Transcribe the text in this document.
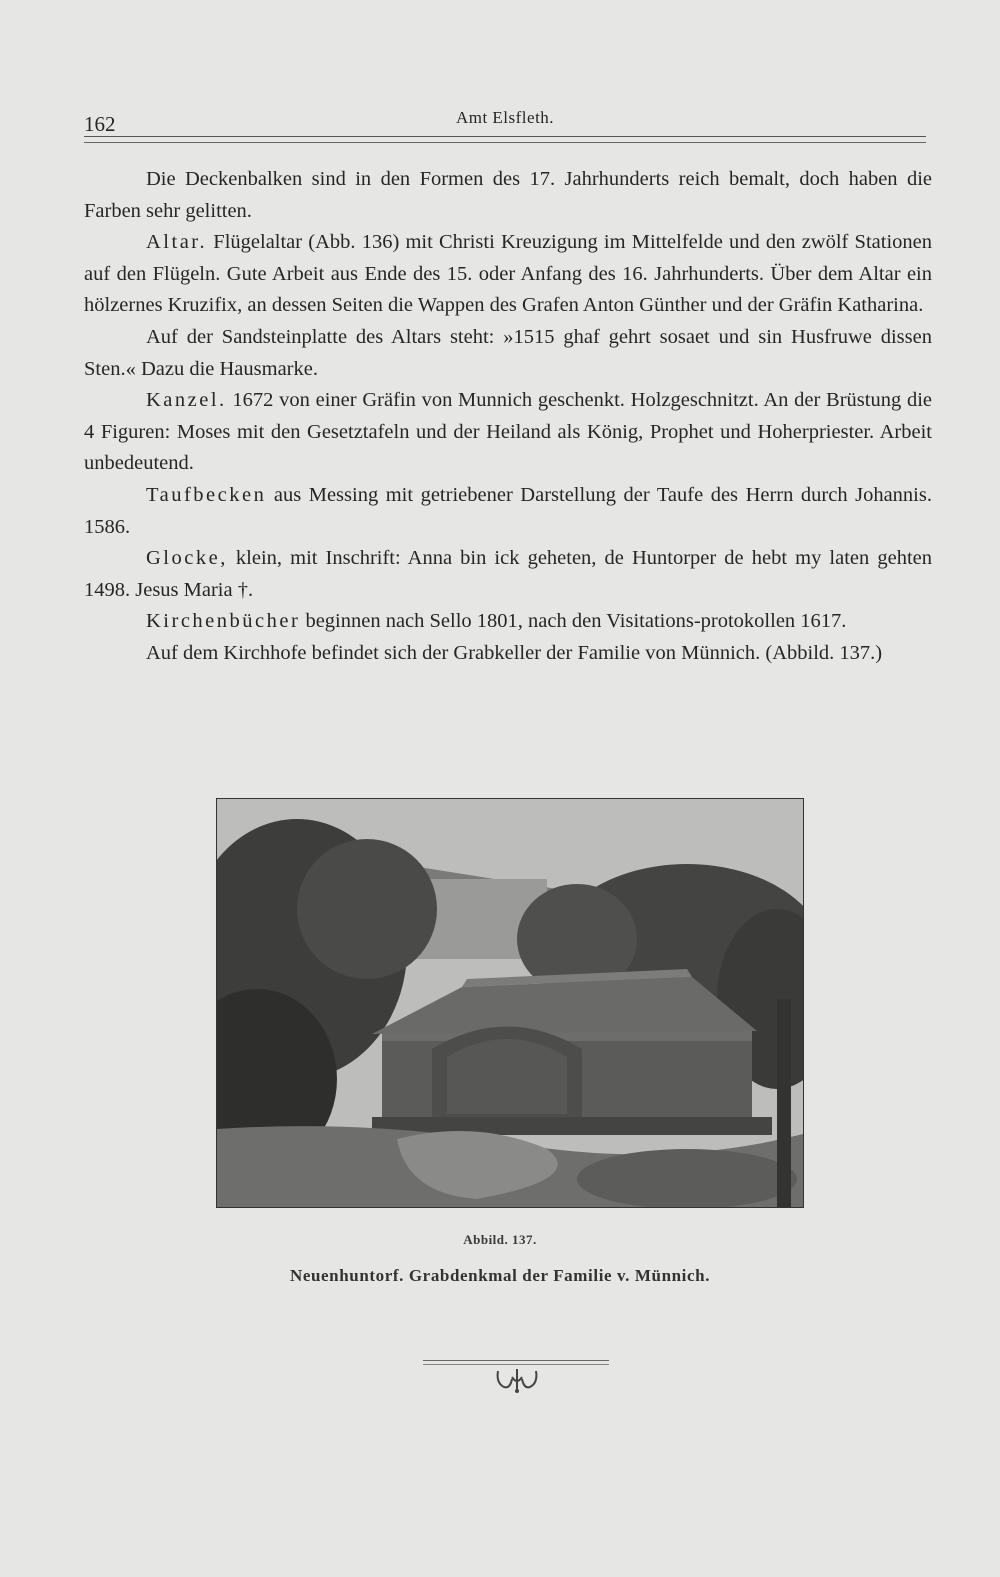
162	Amt Elsfleth.

Die Deckenbalken sind in den Formen des 17. Jahrhunderts reich bemalt, doch haben die Farben sehr gelitten.

Altar. Flügelaltar (Abb. 136) mit Christi Kreuzigung im Mittelfelde und den zwölf Stationen auf den Flügeln. Gute Arbeit aus Ende des 15. oder Anfang des 16. Jahrhunderts. Über dem Altar ein hölzernes Kruzifix, an dessen Seiten die Wappen des Grafen Anton Günther und der Gräfin Katharina.

Auf der Sandsteinplatte des Altars steht: »1515 ghaf gehrt sosaet und sin Husfruwe dissen Sten.« Dazu die Hausmarke.

Kanzel. 1672 von einer Gräfin von Munnich geschenkt. Holzgeschnitzt. An der Brüstung die 4 Figuren: Moses mit den Gesetztafeln und der Heiland als König, Prophet und Hoherpriester. Arbeit unbedeutend.

Taufbecken aus Messing mit getriebener Darstellung der Taufe des Herrn durch Johannis. 1586.

Glocke, klein, mit Inschrift: Anna bin ick geheten, de Huntorper de hebt my laten gehten 1498. Jesus Maria †.

Kirchenbücher beginnen nach Sello 1801, nach den Visitations-protokollen 1617.

Auf dem Kirchhofe befindet sich der Grabkeller der Familie von Münnich. (Abbild. 137.)

Abbild. 137.
Neuenhuntorf. Grabdenkmal der Familie v. Münnich.
